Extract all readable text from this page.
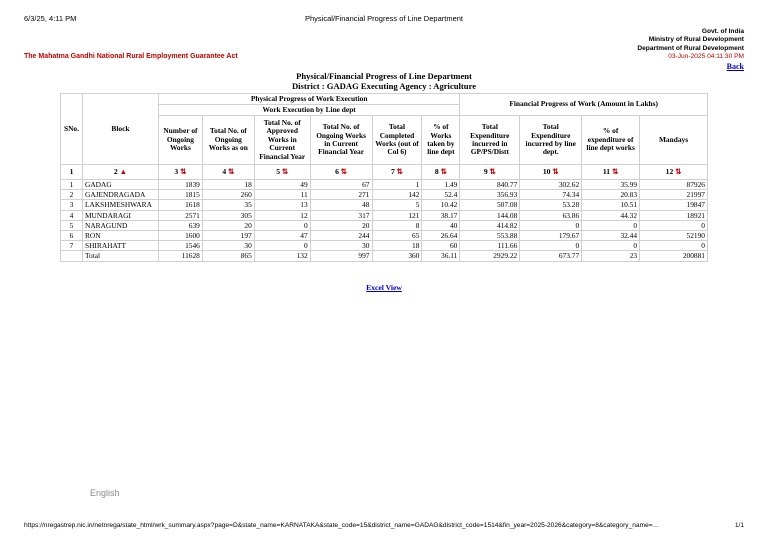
6/3/25, 4:11 PM	Physical/Financial Progress of Line Department
Govt. of India
Ministry of Rural Development
Department of Rural Development
03-Jun-2025 04:11:30 PM
Back
The Mahatma Gandhi National Rural Employment Guarantee Act
Physical/Financial Progress of Line Department
District : GADAG Executing Agency : Agriculture
SNo.	Block	Physical Progress of Work Execution						Financial Progress of Work (Amount in Lakhs)			
		Work Execution by Line dept									
		Number of Ongoing Works	Total No. of Ongoing Works as on	Total No. of Approved Works in Current Financial Year	Total No. of Ongoing Works in Current Financial Year	Total Completed Works (out of Col 6)	% of Works taken by line dept	Total Expenditure incurred in GP/PS/Distt	Total Expenditure incurred by line dept.	% of expenditure of line dept works	Mandays
1	2 ▲	3 ⇅	4 ⇅	5 ⇅	6 ⇅	7 ⇅	8 ⇅	9 ⇅	10 ⇅	11 ⇅	12 ⇅
1	GADAG	1839	18	49	67	1	1.49	840.77	302.62	35.99	87926
2	GAJENDRAGADA	1815	260	11	271	142	52.4	356.93	74.34	20.83	21997
3	LAKSHMESHWARA	1618	35	13	48	5	10.42	507.08	53.28	10.51	19847
4	MUNDARAGI	2571	305	12	317	121	38.17	144.08	63.86	44.32	18921
5	NARAGUND	639	20	0	20	8	40	414.82	0	0	0
6	RON	1600	197	47	244	65	26.64	553.88	179.67	32.44	52190
7	SHIRAHATT	1546	30	0	30	18	60	111.66	0	0	0
	Total	11628	865	132	997	360	36.11	2929.22	673.77	23	200881
Excel View
English
https://nregastrep.nic.in/netnrega/state_html/wrk_summary.aspx?page=D&state_name=KARNATAKA&state_code=15&district_name=GADAG&district_code=1514&fin_year=2025-2026&category=8&category_name=…	1/1
